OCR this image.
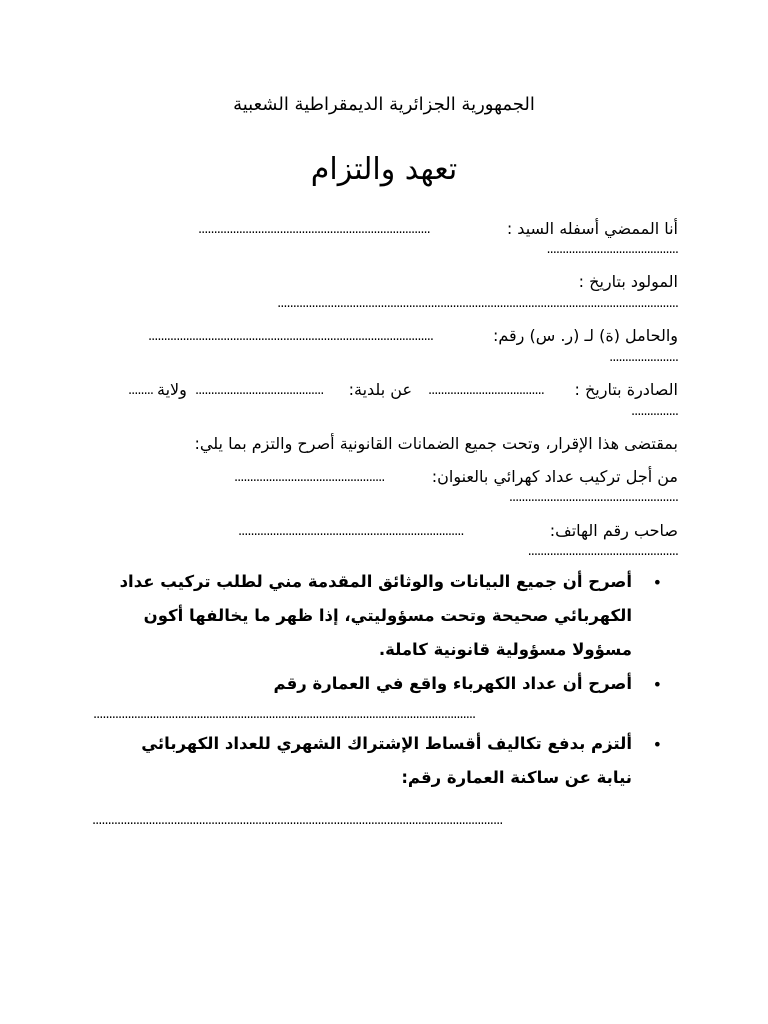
الجمهورية الجزائرية الديمقراطية الشعبية
تعهد والتزام
أنا الممضي أسفله السيد :
..........................................................................
..........................................
المولود بتاريخ :
................................................................................................................................
والحامل (ة) لـ (ر. س) رقم:
...........................................................................................
......................
الصادرة بتاريخ :
.....................................
عن بلدية:
.........................................
ولاية
........
...............
بمقتضى هذا الإقرار، وتحت جميع الضمانات القانونية أصرح والتزم بما يلي:
من أجل تركيب عداد كهرائي بالعنوان:
................................................
......................................................
صاحب رقم الهاتف:
........................................................................
................................................
•
أصرح أن جميع البيانات والوثائق المقدمة مني لطلب تركيب عداد
الكهربائي صحيحة وتحت مسؤوليتي، إذا ظهر ما يخالفها أكون
مسؤولا مسؤولية قانونية كاملة.
•
أصرح أن عداد الكهرباء واقع في العمارة رقم
..........................................................................................................................
•
ألتزم بدفع تكاليف أقساط الإشتراك الشهري للعداد الكهربائي
نيابة عن ساكنة العمارة رقم:
...................................................................................................................................
